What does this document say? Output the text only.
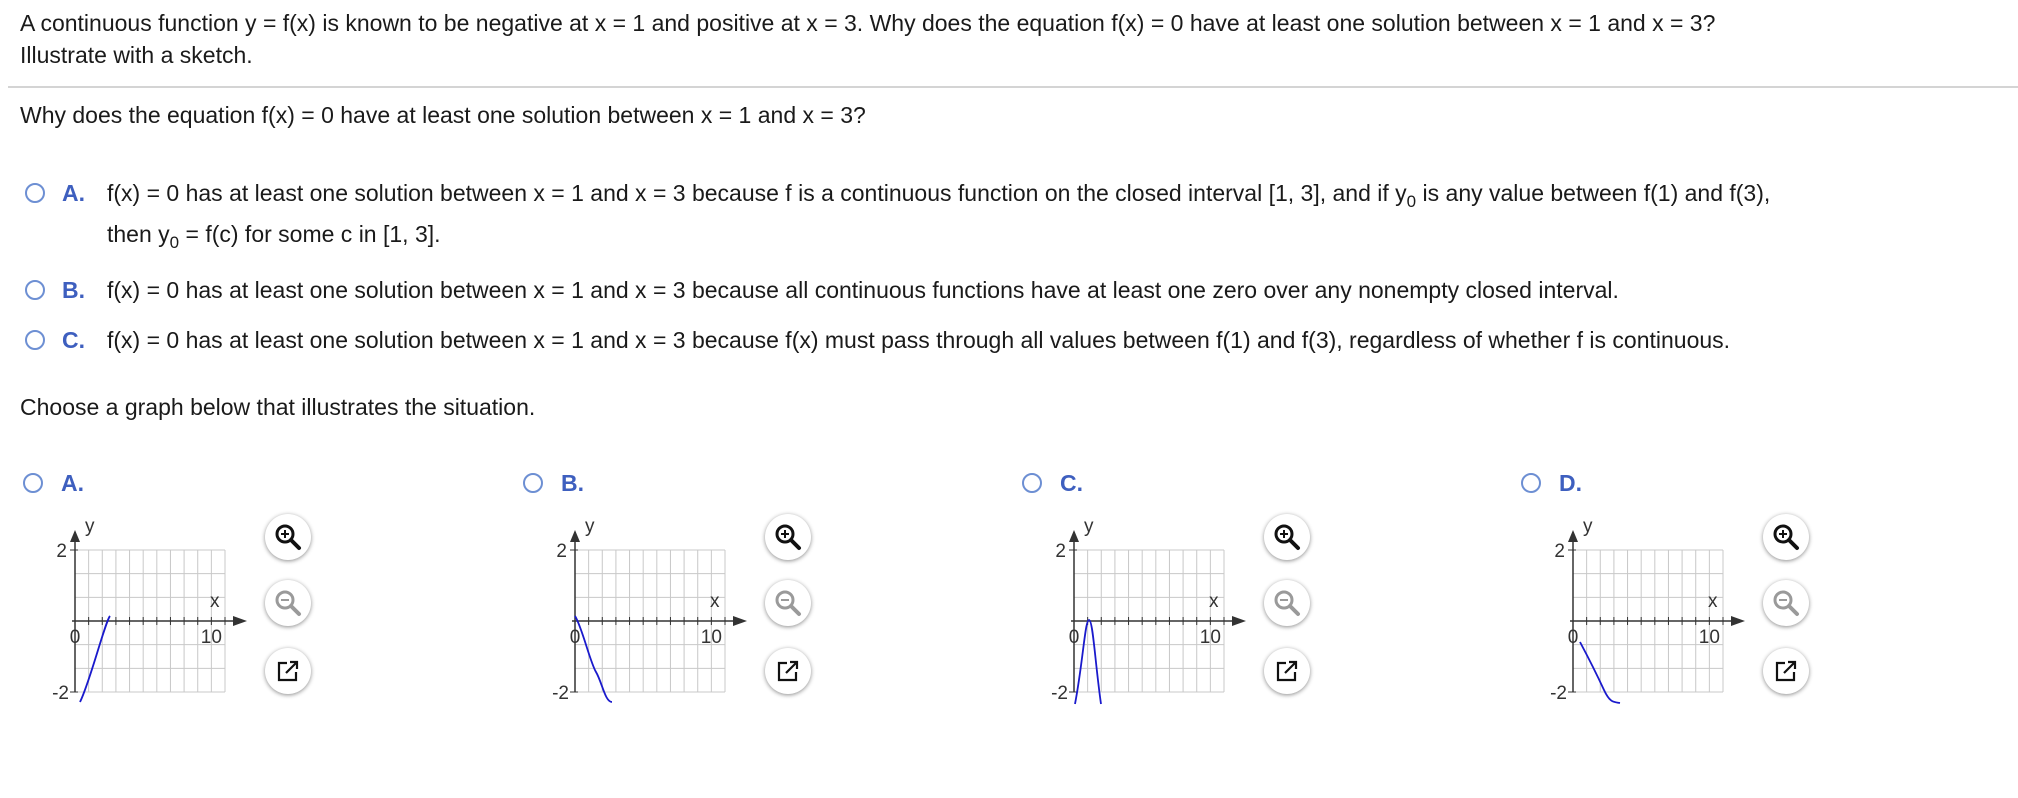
A continuous function y = f(x) is known to be negative at x = 1 and positive at x = 3. Why does the equation f(x) = 0 have at least one solution between x = 1 and x = 3?
Illustrate with a sketch.
Why does the equation f(x) = 0 have at least one solution between x = 1 and x = 3?
A. f(x) = 0 has at least one solution between x = 1 and x = 3 because f is a continuous function on the closed interval [1, 3], and if $y_0$ is any value between f(1) and f(3),
then $y_0 = f(c)$ for some c in [1, 3].
B. f(x) = 0 has at least one solution between x = 1 and x = 3 because all continuous functions have at least one zero over any nonempty closed interval.
C. f(x) = 0 has at least one solution between x = 1 and x = 3 because f(x) must pass through all values between f(1) and f(3), regardless of whether f is continuous.
Choose a graph below that illustrates the situation.
A.
y
x
2
-2
0	10
B.
y
x
2
-2
0	10
C.
y
x
2
-2
0	10
D.
y
x
2
-2
0	10
